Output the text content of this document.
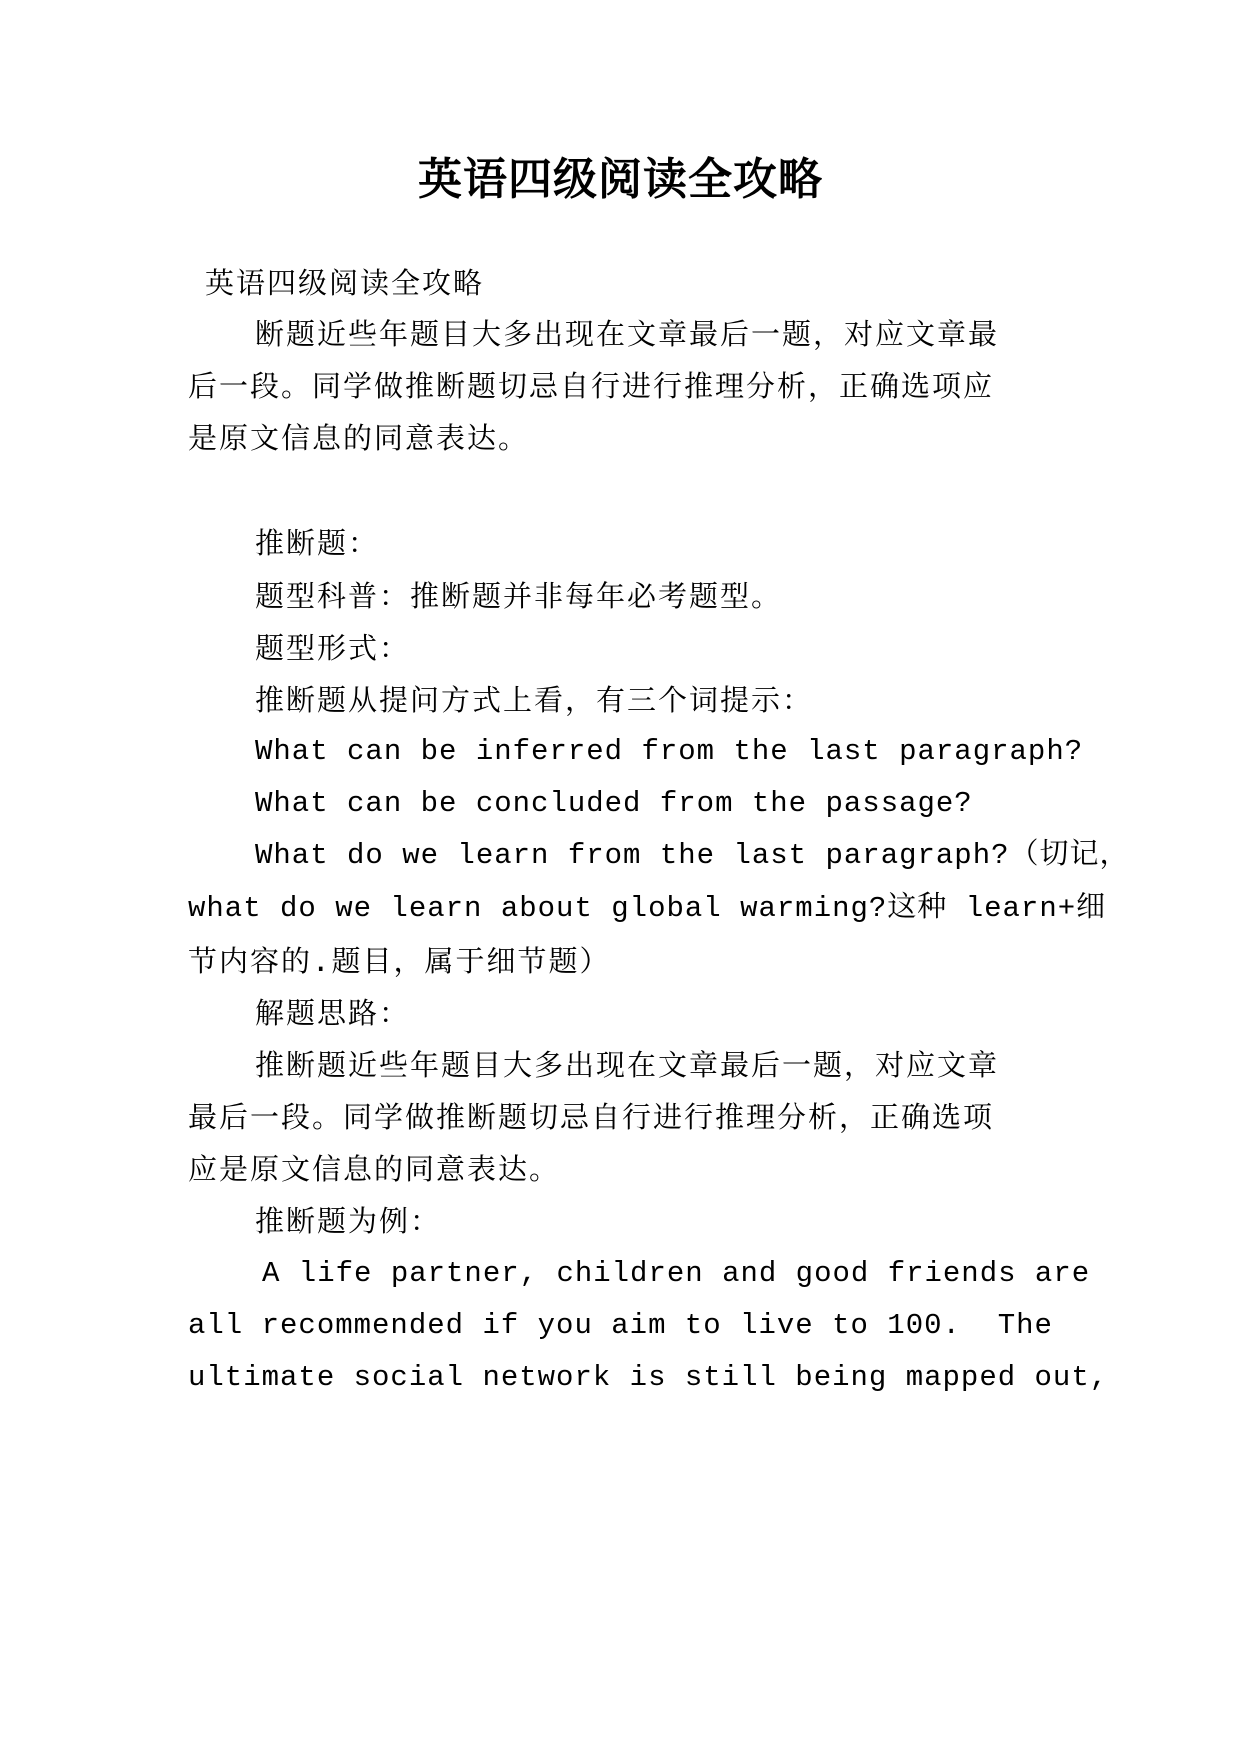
英语四级阅读全攻略
英语四级阅读全攻略
断题近些年题目大多出现在文章最后一题，对应文章最
后一段。同学做推断题切忌自行进行推理分析，正确选项应
是原文信息的同意表达。
推断题：
题型科普：推断题并非每年必考题型。
题型形式：
推断题从提问方式上看，有三个词提示：
What can be inferred from the last paragraph?
What can be concluded from the passage?
What do we learn from the last paragraph?（切记，
what do we learn about global warming?这种 learn+细
节内容的.题目，属于细节题）
解题思路：
推断题近些年题目大多出现在文章最后一题，对应文章
最后一段。同学做推断题切忌自行进行推理分析，正确选项
应是原文信息的同意表达。
推断题为例：
A life partner, children and good friends are
all recommended if you aim to live to 100.  The
ultimate social network is still being mapped out,
